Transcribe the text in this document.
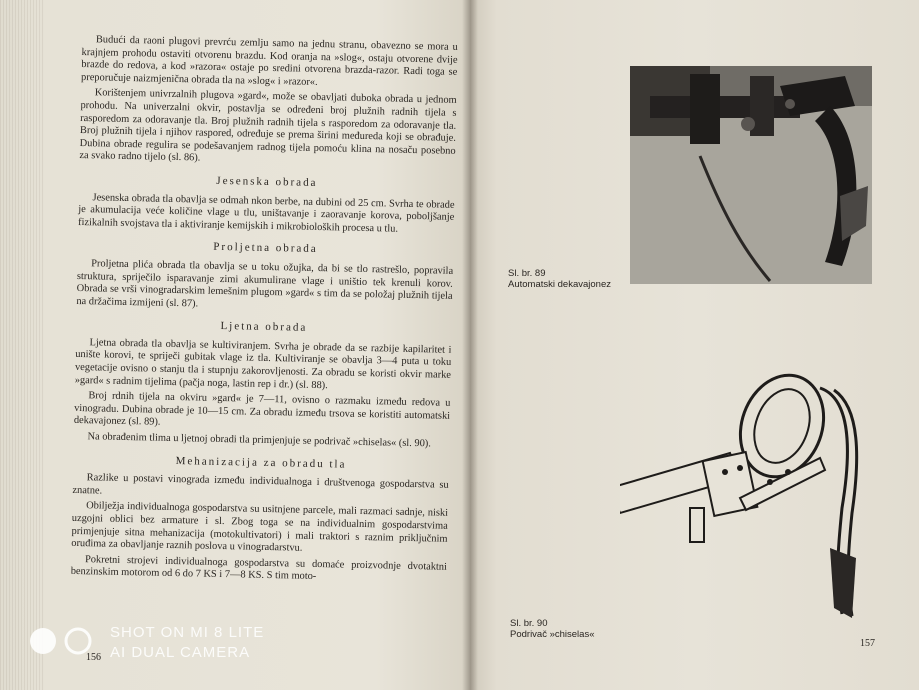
Budući da raoni plugovi prevrću zemlju samo na jednu stranu, obavezno se mora u krajnjem prohodu ostaviti otvorenu brazdu. Kod oranja na »slog«, ostaju otvorene dvije brazde do redova, a kod »razora« ostaje po sredini otvorena brazda-razor. Radi toga se preporučuje naizmjenična obrada tla na »slog« i »razor«.

Korištenjem univrzalnih plugova »gard«, može se obavljati duboka obrada u jednom prohodu. Na univerzalni okvir, postavlja se određeni broj plužnih radnih tijela s rasporedom za odoravanje tla. Broj plužnih radnih tijela s rasporedom za odoravanje tla. Broj plužnih tijela i njihov raspored, određuje se prema širini međureda koji se obrađuje. Dubina obrade regulira se podešavanjem radnog tijela pomoću klina na nosaču posebno za svako radno tijelo (sl. 86).

Jesenska obrada

Jesenska obrada tla obavlja se odmah nkon berbe, na dubini od 25 cm. Svrha te obrade je akumulacija veće količine vlage u tlu, uništavanje i zaoravanje korova, poboljšanje fizikalnih svojstava tla i aktiviranje kemijskih i mikrobioloških procesa u tlu.

Proljetna obrada

Proljetna plića obrada tla obavlja se u toku ožujka, da bi se tlo rastrešlo, popravila struktura, spriječilo isparavanje zimi akumulirane vlage i uništio tek krenuli korov. Obrada se vrši vinogradarskim lemešnim plugom »gard« s tim da se položaj plužnih tijela na držačima izmijeni (sl. 87).

Ljetna obrada

Ljetna obrada tla obavlja se kultiviranjem. Svrha je obrade da se razbije kapilaritet i unište korovi, te spriječi gubitak vlage iz tla. Kultiviranje se obavlja 3—4 puta u toku vegetacije ovisno o stanju tla i stupnju zakorovljenosti. Za obradu se koristi okvir marke »gard« s radnim tijelima (pačja noga, lastin rep i dr.) (sl. 88).

Broj rdnih tijela na okviru »gard« je 7—11, ovisno o razmaku između redova u vinogradu. Dubina obrade je 10—15 cm. Za obradu između trsova se koristiti automatski dekavajonez (sl. 89).

Na obrađenim tlima u ljetnoj obradi tla primjenjuje se podrivač »chiselas« (sl. 90).

Mehanizacija za obradu tla

Razlike u postavi vinograda između individualnoga i društvenoga gospodarstva su znatne.

Obilježja individualnoga gospodarstva su usitnjene parcele, mali razmaci sadnje, niski uzgojni oblici bez armature i sl. Zbog toga se na individualnim gospodarstvima primjenjuje sitna mehanizacija (motokultivatori) i mali traktori s raznim priključnim oruđima za obavljanje raznih poslova u vinogradarstvu.

Pokretni strojevi individualnoga gospodarstva su domaće proizvodnje dvotaktni benzinskim motorom od 6 do 7 KS i 7—8 KS. S tim moto-

156
Sl. br. 89
Automatski dekavajonez
Sl. br. 90
Podrivač »chiselas«
157
SHOT ON MI 8 LITE
AI DUAL CAMERA
